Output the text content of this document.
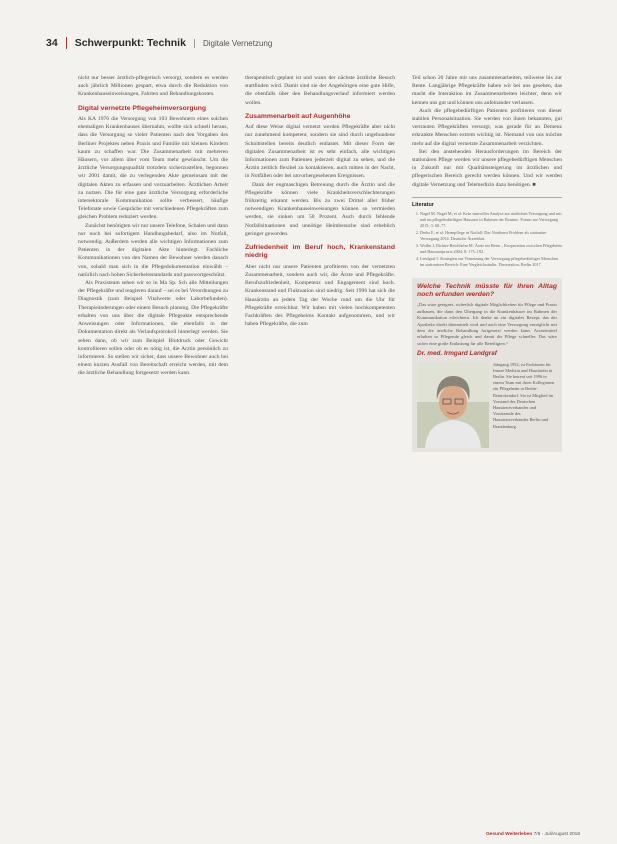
34	Schwerpunkt: Technik	Digitale Vernetzung

nicht nur besser ärztlich-pflegerisch versorgt, sondern es werden auch jährlich Millionen gespart, etwa durch die Reduktion von Krankenhauseinweisungen, Fahrten und Behandlungskosten.

Digital vernetzte Pflegeheimversorgung

Als KA 1976 die Versorgung von 103 Bewohnern eines solchen ehemaligen Krankenhauses übernahm, wollte sich schnell heraus, dass die Versorgung so vieler Patienten nach den Vorgaben des Berliner Projektes neben Praxis und Familie mit kleinen Kindern kaum zu schaffen war. Die Zusammenarbeit mit mehreren Häusern, vor allem über vom Team mehr gewünscht. Um die ärztliche Versorgungsqualität trotzdem sicherzustellen, begonnen wir 2001 damit, die zu verlegenden Akte gemeinsam mit der digitalen Akten zu erfassen und vorzuarbeiten. Ärztlichen Arbeit zu nutzen. Die für eine gute ärztliche Versorgung erforderliche intersektorale Kommunikation sollte verbessert, häufige Telefonate sowie Gespräche mit verschiedenen Pflegekräften zum gleichen Problem reduziert werden.

Zunächst benötigten wir nur unsere Telefone, Schalen und dann nur noch bei sofortigem Handlungsbedarf, also im Notfall, notwendig. Außerdem werden alle wichtigen Informationen zum Patienten in der digitalen Akte hinterlegt. Fachliche Kommunikationen von den Namen der Bewohner werden danach von, sobald man sich in die Pflegedokumentation einwählt – natürlich nach hohen Sicherheitsstandards und passwortgeschützt.

Als Praxisteam sehen wir so in Ma Sp. Sch alle Mitteilungen der Pflegekräfte und reagieren darauf – sei es bei Verordnungen zu Diagnostik (zum Beispiel Vitalwerte oder Laborbefunden). Therapieänderungen oder einem Besuch planung. Die Pflegekräfte erhalten von uns über die digitale Pflegeakte entsprechende Anweisungen oder Informationen, die ebenfalls in der Dokumentation direkt als Verlaufsprotokoll hinterlegt werden. Sie sehen dann, ob wir zum Beispiel Blutdruck oder Gewicht kontrollieren sollen oder ob es nötig ist, die Arztin persönlich zu informieren. So stellen wir sicher, dass unsere Bewohner auch bei einem kurzen Ausfall von Bereitschaft erreicht werden, mit dem die ärztliche Behandlung fortgesetzt werden kann.

therapeutisch geplant ist und wann der nächste ärztliche Besuch stattfinden wird. Damit sind sie der Angehörigen eine gute Hilfe, die ebenfalls über den Behandlungsverlauf informiert werden wollen.

Zusammenarbeit auf Augenhöhe

Auf diese Weise digital vernetzt werden Pflegekräfte aber nicht nur zunehmend kompetent, sondern sie sind durch ungebundene Schnittstellen bereits deutlich entlastet. Mit dieser Form der digitalen Zusammenarbeit ist es sehr einfach, alle wichtigen Informationen zum Patienten jederzeit digital zu sehen, und die Ärztin zeitlich flexibel zu kontaktieren, auch mitten in der Nacht, in Notfällen oder bei unvorhergesehenen Ereignissen.

Dank der engmaschigen Betreuung durch die Ärztin und die Pflegekräfte können viele Krankheitsverschlechterungen frühzeitig erkannt werden. Bis zu zwei Drittel aller früher notwendigen Krankenhauseinweisungen können so vermieden werden, sie sinken um 50 Prozent. Auch durch fehlende Notfallsituationen und unnötige Heimbesuche sind erheblich geringer geworden.

Zufriedenheit im Beruf hoch, Krankenstand niedrig

Aber nicht nur unsere Patienten profitieren von der vernetzten Zusammenarbeit, sondern auch wir, die Ärzte und Pflegekräfte. Berufszufriedenheit, Kompetenz und Engagement sind hoch. Krankenstand und Fluktuation sind niedrig. Seit 1996 hat sich die Hausärztin an jedem Tag der Woche rund um die Uhr für Pflegekräfte erreichbar. Wir haben mit vielen hochkompetenten Fachkräften des Pflegeheims Kontakt aufgenommen, und wir haben Pflegekräfte, die zum

Teil schon 20 Jahre mit uns zusammenarbeiten, teilweise bis zur Rente. Langjährige Pflegekräfte haben wir bei uns gesehen, das macht die Interaktion im Zusammenarbeiten leichter, denn wir kennen uns gut und können uns aufeinander verlassen.

Auch die pflegebedürftigen Patienten profitieren von dieser stabilen Personalsituation. Sie werden von ihnen bekannten, gut vertrauten Pflegekräften versorgt, was gerade für an Demenz erkrankte Menschen extrem wichtig ist. Niemand von uns möchte mehr auf die digital vernetzte Zusammenarbeit verzichten.

Bei den anstehenden Herausforderungen im Bereich der stationären Pflege werden wir unsere pflegebedürftigen Menschen in Zukunft nur mit Qualitätssteigerung im ärztlichen und pflegerischen Bereich gerecht werden können. Und wir werden digitale Vernetzung und Telemedizin dazu benötigen. ■

Literatur
1. Nagel M, Nagel M, et al: Kein sinnvoller Analyse zur ärztlichen Versorgung und mit nah im pflegebedürftigen Hausarzt in Rahmen der Routine. Forum zur Versorgung 2015; 3: 68–77.
2. Drebs E, et al: Heimpflege in Notfall: Das Notdienst Problem als stationäre Versorgung 2014. Deutsche Ärzteblatt.
3. Wollin J, Richter-Reichhelm M: Ärzte im Heim – Kooperation zwischen Pflegeheim und Hausarztpraxis 2004; 8: 175–182.
4. Lendgraf I: Strategien zur Vernetzung der Versorgung pflegebedürftiger Menschen im stationären Bereich: Eine Vergleichsstudie. Dissertation, Berlin 2017.
Welche Technik müsste für Ihren Alltag noch erfunden werden?
„Das wäre geeignet, sicherlich digitale Möglichkeiten für Pflege und Praxis aufbauen, die dann den Übergang in die Krankenhäuser im Rahmen der Kommunikation erleichtern. Ich denke an ein digitales Rezept, das der Apotheke direkt übermittelt wird und auch eine Versorgung ermöglicht mit dem die ärztliche Behandlung fortgesetzt werden kann. Arzneimittel erhalten so Pflegende gleich und damit die Pflege schneller. Das wäre sicher eine große Entlastung für alle Beteiligten.“
Dr. med. Irmgard Landgraf
Jahrgang 1952, ist Fachärztin für Innere Medizin und Hausärztin in Berlin. Sie betreut seit 1996 in einem Team mit ihren Kolleginnen ein Pflegeheim in Berlin-Reinickendorf. Sie ist Mitglied im Vorstand des Deutschen Hausärzteverbandes und Vorsitzende des Hausärzteverbandes Berlin und Brandenburg.
Gesund Weiterleben 7/8 · Juli/August 2018
